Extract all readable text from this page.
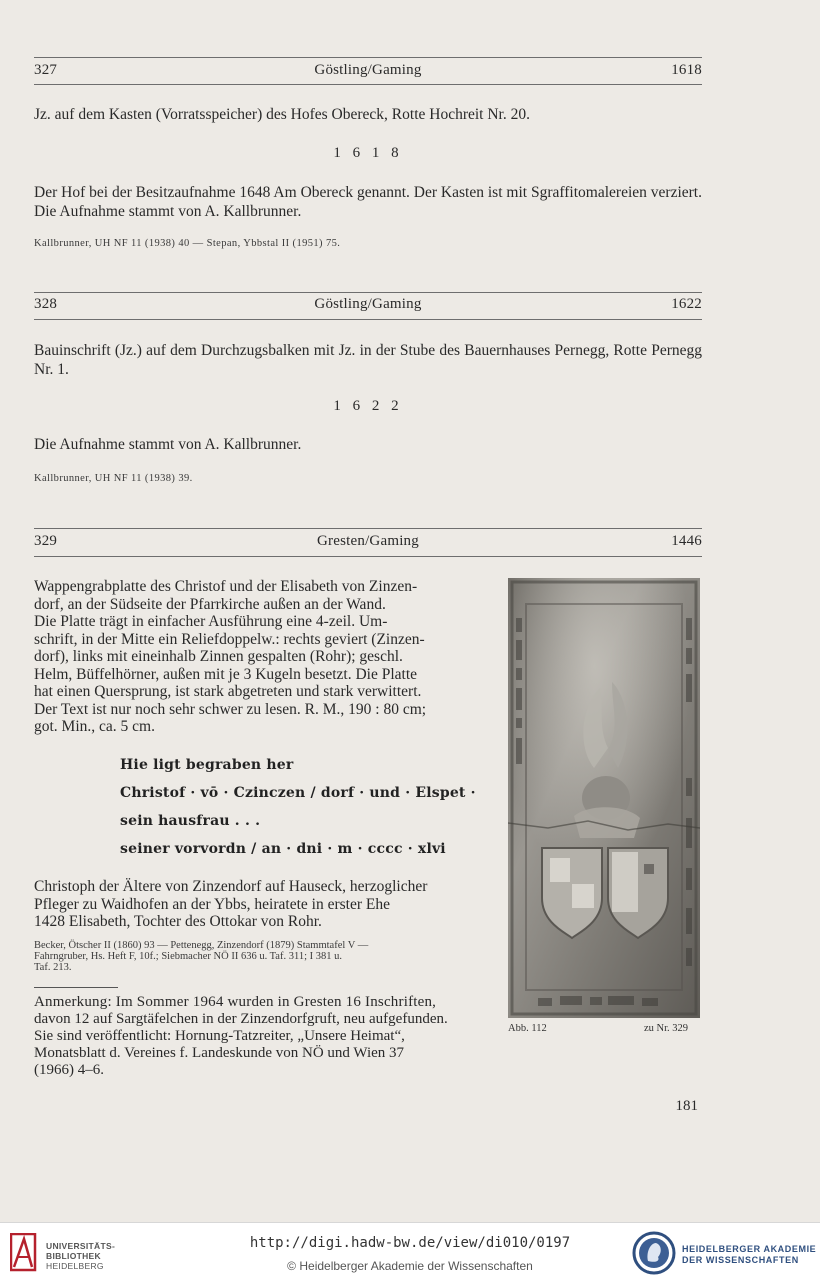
327	Göstling/Gaming	1618
Jz. auf dem Kasten (Vorratsspeicher) des Hofes Obereck, Rotte Hochreit Nr. 20.
1 6 1 8
Der Hof bei der Besitzaufnahme 1648 Am Obereck genannt. Der Kasten ist mit Sgraffitomalereien verziert. Die Aufnahme stammt von A. Kallbrunner.
Kallbrunner, UH NF 11 (1938) 40 — Stepan, Ybbstal II (1951) 75.
328	Göstling/Gaming	1622
Bauinschrift (Jz.) auf dem Durchzugsbalken mit Jz. in der Stube des Bauernhauses Pernegg, Rotte Pernegg Nr. 1.
1 6 2 2
Die Aufnahme stammt von A. Kallbrunner.
Kallbrunner, UH NF 11 (1938) 39.
329	Gresten/Gaming	1446
Wappengrabplatte des Christof und der Elisabeth von Zinzen-
dorf, an der Südseite der Pfarrkirche außen an der Wand.
Die Platte trägt in einfacher Ausführung eine 4-zeil. Um-
schrift, in der Mitte ein Reliefdoppelw.: rechts geviert (Zinzen-
dorf), links mit eineinhalb Zinnen gespalten (Rohr); geschl.
Helm, Büffelhörner, außen mit je 3 Kugeln besetzt. Die Platte
hat einen Quersprung, ist stark abgetreten und stark verwittert.
Der Text ist nur noch sehr schwer zu lesen. R. M., 190 : 80 cm;
got. Min., ca. 5 cm.
Hie ligt begraben her
Christof · vō · Czinczen / dorf · und · Elspet ·
sein hausfrau . . .
seiner vorvordn / an · dni · m · cccc · xlvi
Christoph der Ältere von Zinzendorf auf Hauseck, herzoglicher
Pfleger zu Waidhofen an der Ybbs, heiratete in erster Ehe
1428 Elisabeth, Tochter des Ottokar von Rohr.
Becker, Ötscher II (1860) 93 — Pettenegg, Zinzendorf (1879) Stammtafel V —
Fahrngruber, Hs. Heft F, 10f.; Siebmacher NÖ II 636 u. Taf. 311; I 381 u.
Taf. 213.
Anmerkung: Im Sommer 1964 wurden in Gresten 16 Inschriften,
davon 12 auf Sargtäfelchen in der Zinzendorfgruft, neu aufgefunden.
Sie sind veröffentlicht: Hornung-Tatzreiter, „Unsere Heimat“,
Monatsblatt d. Vereines f. Landeskunde von NÖ und Wien 37
(1966) 4–6.
Abb. 112	zu Nr. 329
181
UNIVERSITÄTS-
BIBLIOTHEK
HEIDELBERG
http://digi.hadw-bw.de/view/di010/0197
© Heidelberger Akademie der Wissenschaften
HEIDELBERGER AKADEMIE
DER WISSENSCHAFTEN
